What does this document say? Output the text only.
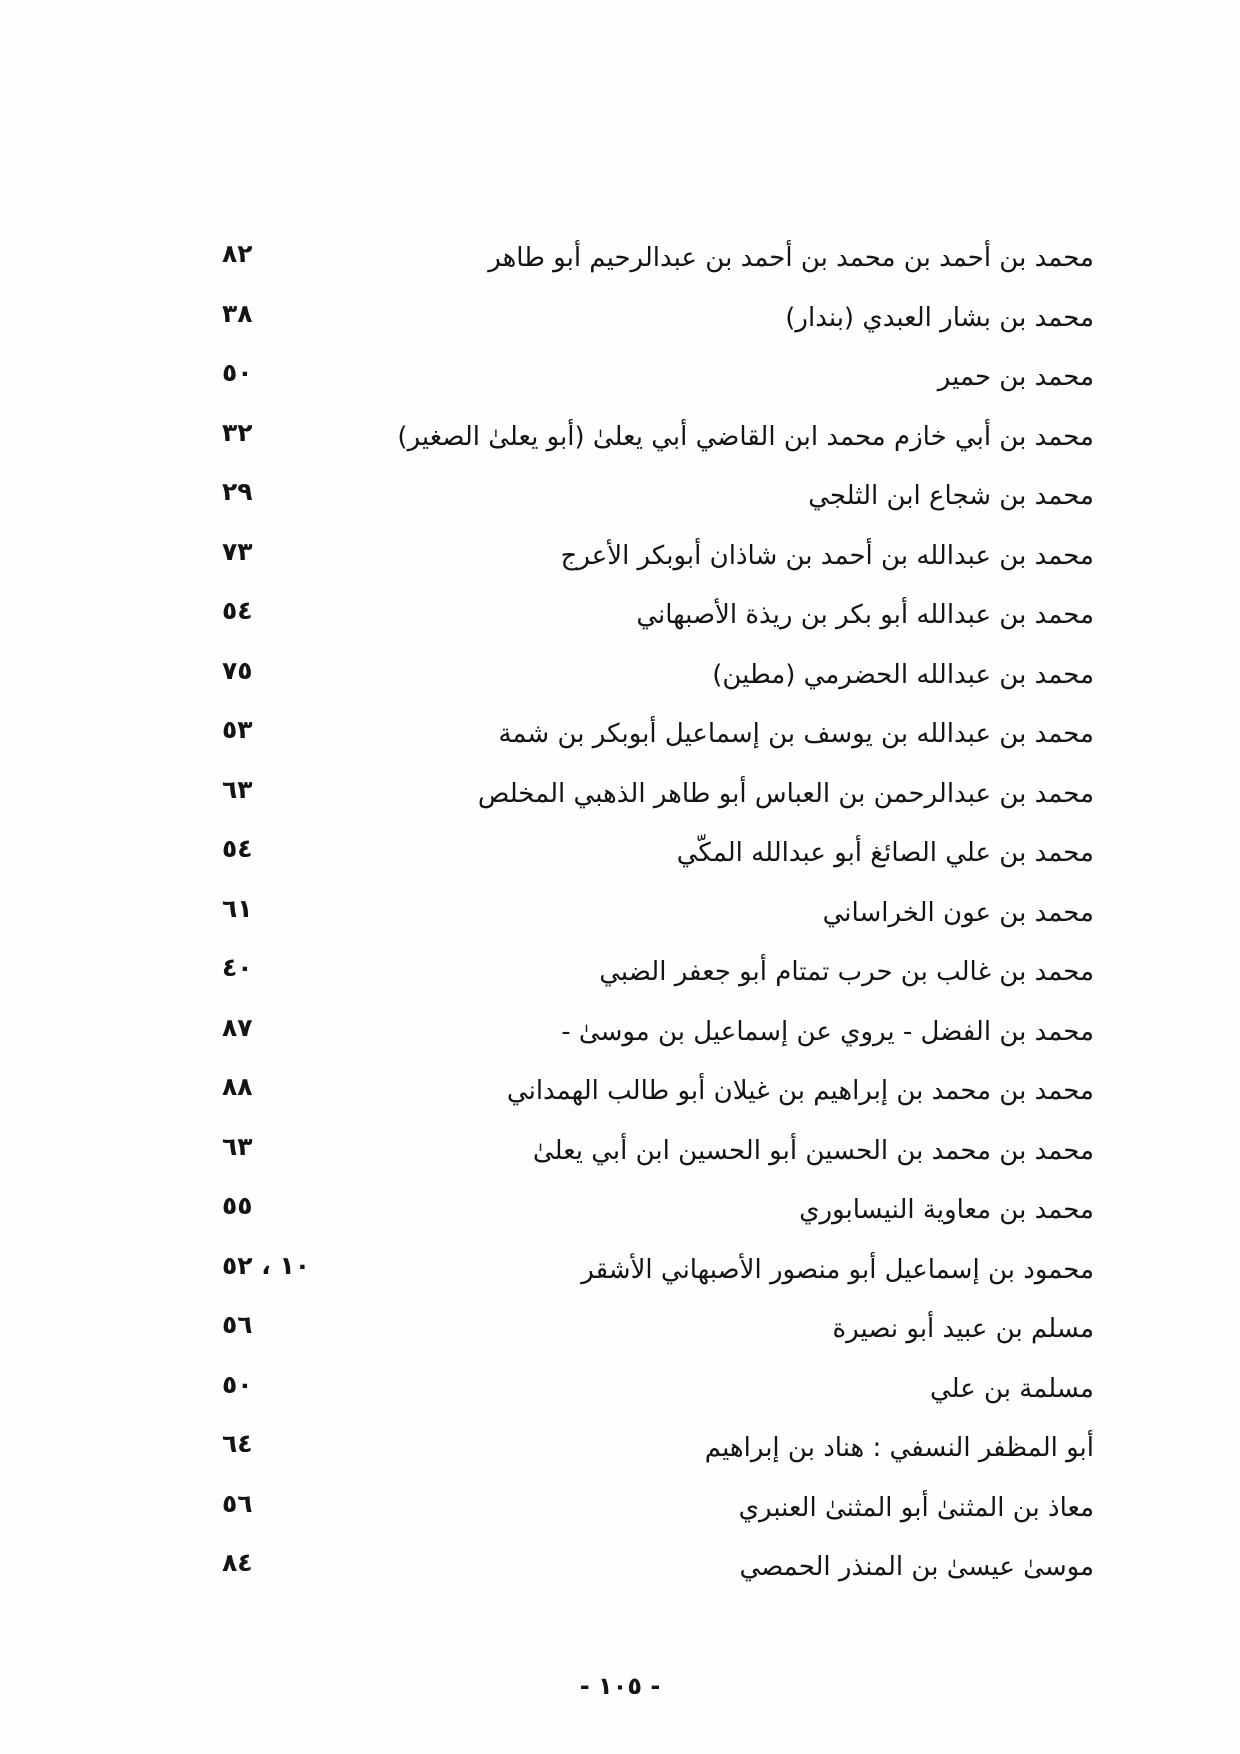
محمد بن أحمد بن محمد بن أحمد بن عبدالرحيم أبو طاهر
٨٢
محمد بن بشار العبدي (بندار)
٣٨
محمد بن حمير
٥٠
محمد بن أبي خازم محمد ابن القاضي أبي يعلىٰ (أبو يعلىٰ الصغير)
٣٢
محمد بن شجاع ابن الثلجي
٢٩
محمد بن عبدالله بن أحمد بن شاذان أبوبكر الأعرج
٧٣
محمد بن عبدالله أبو بكر بن ريذة الأصبهاني
٥٤
محمد بن عبدالله الحضرمي (مطين)
٧٥
محمد بن عبدالله بن يوسف بن إسماعيل أبوبكر بن شمة
٥٣
محمد بن عبدالرحمن بن العباس أبو طاهر الذهبي المخلص
٦٣
محمد بن علي الصائغ أبو عبدالله المكّي
٥٤
محمد بن عون الخراساني
٦١
محمد بن غالب بن حرب تمتام أبو جعفر الضبي
٤٠
محمد بن الفضل - يروي عن إسماعيل بن موسىٰ -
٨٧
محمد بن محمد بن إبراهيم بن غيلان أبو طالب الهمداني
٨٨
محمد بن محمد بن الحسين أبو الحسين ابن أبي يعلىٰ
٦٣
محمد بن معاوية النيسابوري
٥٥
محمود بن إسماعيل أبو منصور الأصبهاني الأشقر
١٠ ، ٥٢
مسلم بن عبيد أبو نصيرة
٥٦
مسلمة بن علي
٥٠
أبو المظفر النسفي : هناد بن إبراهيم
٦٤
معاذ بن المثنىٰ أبو المثنىٰ العنبري
٥٦
موسىٰ عيسىٰ بن المنذر الحمصي
٨٤
- ١٠٥ -
